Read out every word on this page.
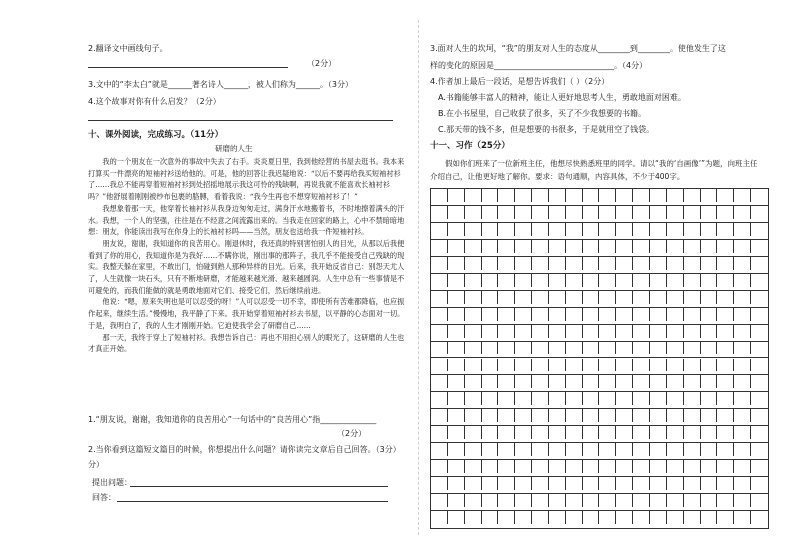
2.翻译文中画线句子。
（2分）
3.文中的“李太白”就是______著名诗人______，被人们称为______。（3分）
4.这个故事对你有什么启发？（2分）
十、课外阅读，完成练习。（11分）
研磨的人生

我的一个朋友在一次意外的事故中失去了右手。炎炎夏日里，我到他经营的书屋去逛书。我本来打算买一件漂亮的短袖衬衫送给他的。可是，他的回答让我迟疑地说：“以后不要再给我买短袖衬衫了……我总不能再穿着短袖衬衫到处招摇地展示我这可怜的残缺啊，再说我就不能喜欢长袖衬衫吗？”他舒展着刚刚被纱布包裹的胳膊，看着我说：“我今生再也不想穿短袖衬衫了！”

我想象着那一天，他穿着长袖衬衫从我身边匆匆走过，满身汗水地搬着书，不时地擦着满头的汗水。我想，一个人的坚强，往往是在不经意之间流露出来的。当我走在回家的路上，心中不禁暗暗地想：朋友，你能读出我写在你身上的长袖衬衫吗——当然，朋友也送给我一件短袖衬衫。

朋友说，谢谢，我知道你的良苦用心。刚退休时，我还真的特别害怕别人的目光，从那以后我便看到了你的用心，我知道你是为我好……不瞒你说，刚出事的那阵子，我几乎不能接受自己残缺的现实。我整天躲在家里，不敢出门，怕碰到熟人那种异样的目光。后来，我开始反省自己：别怨天尤人了，人生就像一块石头，只有不断地研磨，才能越来越光滑、越来越圆润。人生中总有一些事情是不可避免的，而我们能做的就是勇敢地面对它们、接受它们，然后继续前进。

他说：“嗯，原来失明也是可以忍受的呀！”人可以忍受一切不幸，即使所有苦难都降临，也应振作起来，继续生活。”慢慢地，我平静了下来。我开始穿着短袖衬衫去书屋，以平静的心态面对一切。于是，我明白了，我的人生才刚刚开始。它迫使我学会了研磨自己……

那一天，我终于穿上了短袖衬衫。我想告诉自己：再也不用担心别人的眼光了，这研磨的人生也才真正开始。

1.“朋友说，谢谢，我知道你的良苦用心”一句话中的“良苦用心”指______________
（2分）
2.当你看到这篇短文篇目的时候，你想提出什么问题？请你读完文章后自己回答。（3分）
分）
提出问题：
回答：
3.面对人生的坎坷，“我”的朋友对人生的态度从________到________。使他发生了这
样的变化的原因是______________________________。（4分）
4.作者加上最后一段话，是想告诉我们（ ）（2分）
A.书籍能够丰富人的精神，能让人更好地思考人生，勇敢地面对困难。
B.在小书屋里，自己收获了很多，买了不少我想要的书籍。
C.那天带的钱不多，但是想要的书很多，于是就用空了钱袋。
十一、习作（25分）
假如你们班来了一位新班主任，他想尽快熟悉班里的同学。请以“我的‘自画像’”为题，向班主任介绍自己，让他更好地了解你。要求：语句通顺，内容具体，不少于400字。
